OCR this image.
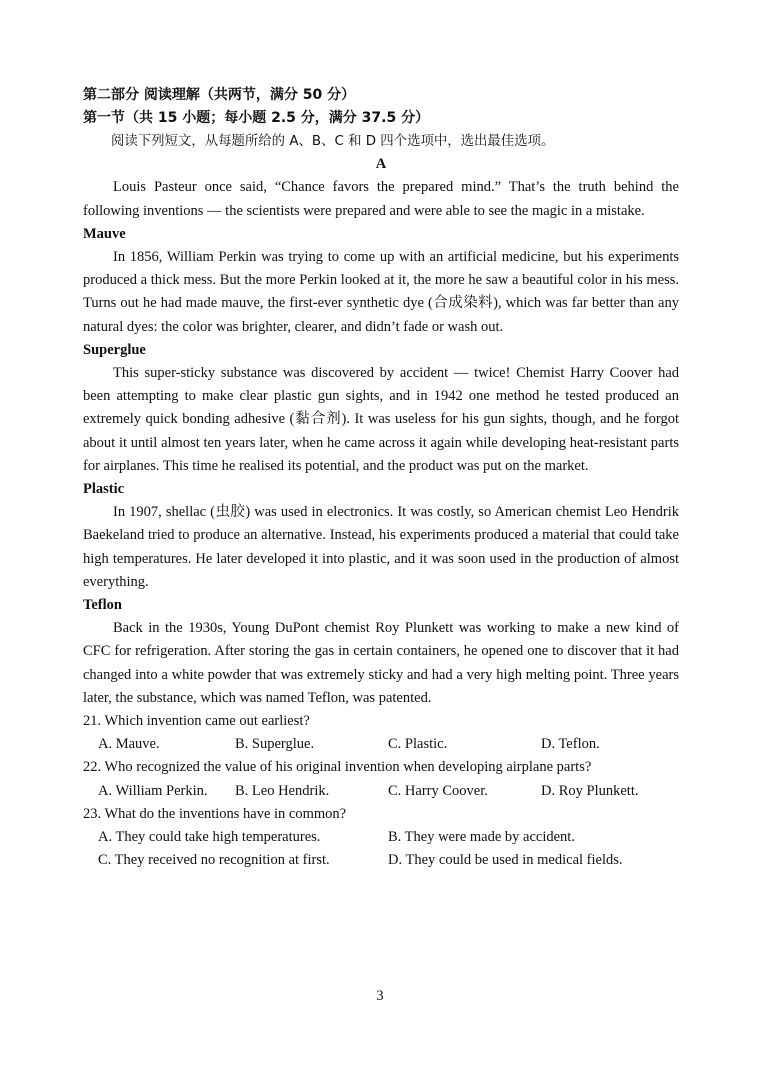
第二部分 阅读理解（共两节，满分 50 分）
第一节（共 15 小题；每小题 2.5 分，满分 37.5 分）
阅读下列短文，从每题所给的 A、B、C 和 D 四个选项中，选出最佳选项。
A

Louis Pasteur once said, “Chance favors the prepared mind.” That’s the truth behind the following inventions — the scientists were prepared and were able to see the magic in a mistake.

Mauve

In 1856, William Perkin was trying to come up with an artificial medicine, but his experiments produced a thick mess. But the more Perkin looked at it, the more he saw a beautiful color in his mess. Turns out he had made mauve, the first-ever synthetic dye (合成染料), which was far better than any natural dyes: the color was brighter, clearer, and didn’t fade or wash out.

Superglue

This super-sticky substance was discovered by accident — twice! Chemist Harry Coover had been attempting to make clear plastic gun sights, and in 1942 one method he tested produced an extremely quick bonding adhesive (黏合剂). It was useless for his gun sights, though, and he forgot about it until almost ten years later, when he came across it again while developing heat-resistant parts for airplanes. This time he realised its potential, and the product was put on the market.

Plastic

In 1907, shellac (虫胶) was used in electronics. It was costly, so American chemist Leo Hendrik Baekeland tried to produce an alternative. Instead, his experiments produced a material that could take high temperatures. He later developed it into plastic, and it was soon used in the production of almost everything.

Teflon

Back in the 1930s, Young DuPont chemist Roy Plunkett was working to make a new kind of CFC for refrigeration. After storing the gas in certain containers, he opened one to discover that it had changed into a white powder that was extremely sticky and had a very high melting point. Three years later, the substance, which was named Teflon, was patented.

21. Which invention came out earliest?
A. Mauve.	B. Superglue.	C. Plastic.	D. Teflon.
22. Who recognized the value of his original invention when developing airplane parts?
A. William Perkin. B. Leo Hendrik.	C. Harry Coover.	D. Roy Plunkett.
23. What do the inventions have in common?
A. They could take high temperatures.	B. They were made by accident.
C. They received no recognition at first.	D. They could be used in medical fields.
3
